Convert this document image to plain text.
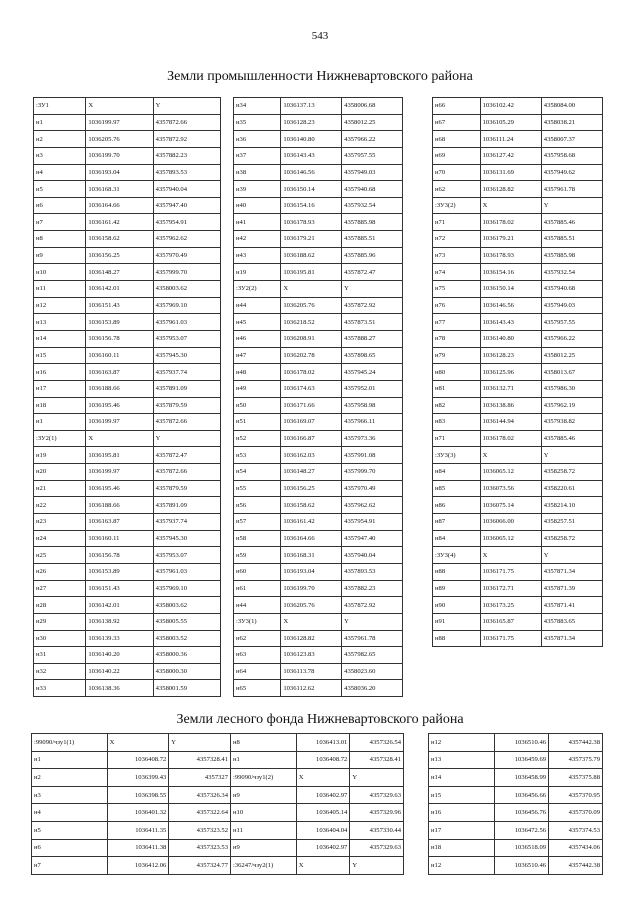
543
Земли промышленности Нижневартовского района
:ЗУ1	X	Y
н1	1036199.97	4357872.66
н2	1036205.76	4357872.92
н3	1036199.70	4357882.23
н4	1036193.04	4357893.53
н5	1036168.31	4357940.04
н6	1036164.66	4357947.40
н7	1036161.42	4357954.91
н8	1036158.62	4357962.62
н9	1036156.25	4357970.49
н10	1036148.27	4357999.70
н11	1036142.01	4358003.62
н12	1036151.43	4357969.10
н13	1036153.89	4357961.03
н14	1036156.78	4357953.07
н15	1036160.11	4357945.30
н16	1036163.87	4357937.74
н17	1036188.66	4357891.09
н18	1036195.46	4357879.59
н1	1036199.97	4357872.66
:ЗУ2(1)	X	Y
н19	1036195.81	4357872.47
н20	1036199.97	4357872.66
н21	1036195.46	4357879.59
н22	1036188.66	4357891.09
н23	1036163.87	4357937.74
н24	1036160.11	4357945.30
н25	1036156.78	4357953.07
н26	1036153.89	4357961.03
н27	1036151.43	4357969.10
н28	1036142.01	4358003.62
н29	1036138.92	4358005.55
н30	1036139.33	4358003.52
н31	1036140.20	4358000.36
н32	1036140.22	4358000.30
н33	1036138.36	4358001.59
н34	1036137.13	4358006.68
н35	1036128.23	4358012.25
н36	1036140.80	4357966.22
н37	1036143.43	4357957.55
н38	1036146.56	4357949.03
н39	1036150.14	4357940.68
н40	1036154.16	4357932.54
н41	1036178.93	4357885.98
н42	1036179.21	4357885.51
н43	1036188.62	4357885.96
н19	1036195.81	4357872.47
:ЗУ2(2)	X	Y
н44	1036205.76	4357872.92
н45	1036218.52	4357873.51
н46	1036208.91	4357888.27
н47	1036202.78	4357898.65
н48	1036178.02	4357945.24
н49	1036174.63	4357952.01
н50	1036171.66	4357958.98
н51	1036169.07	4357966.11
н52	1036166.87	4357973.36
н53	1036162.03	4357991.08
н54	1036148.27	4357999.70
н55	1036156.25	4357970.49
н56	1036158.62	4357962.62
н57	1036161.42	4357954.91
н58	1036164.66	4357947.40
н59	1036168.31	4357940.04
н60	1036193.04	4357893.53
н61	1036199.70	4357882.23
н44	1036205.76	4357872.92
:ЗУ3(1)	X	Y
н62	1036128.82	4357961.78
н63	1036123.83	4357982.65
н64	1036113.78	4358023.60
н65	1036112.62	4358036.20
н66	1036102.42	4358084.00
н67	1036105.29	4358038.21
н68	1036111.24	4358007.37
н69	1036127.42	4357958.68
н70	1036131.69	4357949.62
н62	1036128.82	4357961.78
:ЗУ3(2)	X	Y
н71	1036178.02	4357885.46
н72	1036179.21	4357885.51
н73	1036178.93	4357885.98
н74	1036154.16	4357932.54
н75	1036150.14	4357940.68
н76	1036146.56	4357949.03
н77	1036143.43	4357957.55
н78	1036140.80	4357966.22
н79	1036128.23	4358012.25
н80	1036125.96	4358013.67
н81	1036132.71	4357986.30
н82	1036138.86	4357962.19
н83	1036144.94	4357938.82
н71	1036178.02	4357885.46
:ЗУ3(3)	X	Y
н84	1036065.12	4358258.72
н85	1036073.56	4358220.61
н86	1036075.14	4358214.10
н87	1036066.00	4358257.51
н84	1036065.12	4358258.72
:ЗУ3(4)	X	Y
н88	1036171.75	4357871.34
н89	1036172.71	4357871.39
н90	1036173.25	4357871.41
н91	1036165.87	4357883.65
н88	1036171.75	4357871.34
Земли лесного фонда Нижневартовского района
:99090/чзу1(1)	X	Y
н1	1036408.72	4357328.41
н2	1036399.43	4357327
н3	1036398.55	4357326.34
н4	1036401.32	4357322.64
н5	1036411.35	4357323.52
н6	1036411.38	4357323.53
н7	1036412.06	4357324.77
н8	1036413.01	4357326.54
н1	1036408.72	4357328.41
:99090/чзу1(2)	X	Y
н9	1036402.97	4357329.63
н10	1036405.14	4357329.96
н11	1036404.04	4357330.44
н9	1036402.97	4357329.63
:36247/чзу2(1)	X	Y
н12	1036510.46	4357442.38
н13	1036459.69	4357375.79
н14	1036458.99	4357375.88
н15	1036456.66	4357370.95
н16	1036456.76	4357370.09
н17	1036472.56	4357374.53
н18	1036518.09	4357434.06
н12	1036510.46	4357442.38
